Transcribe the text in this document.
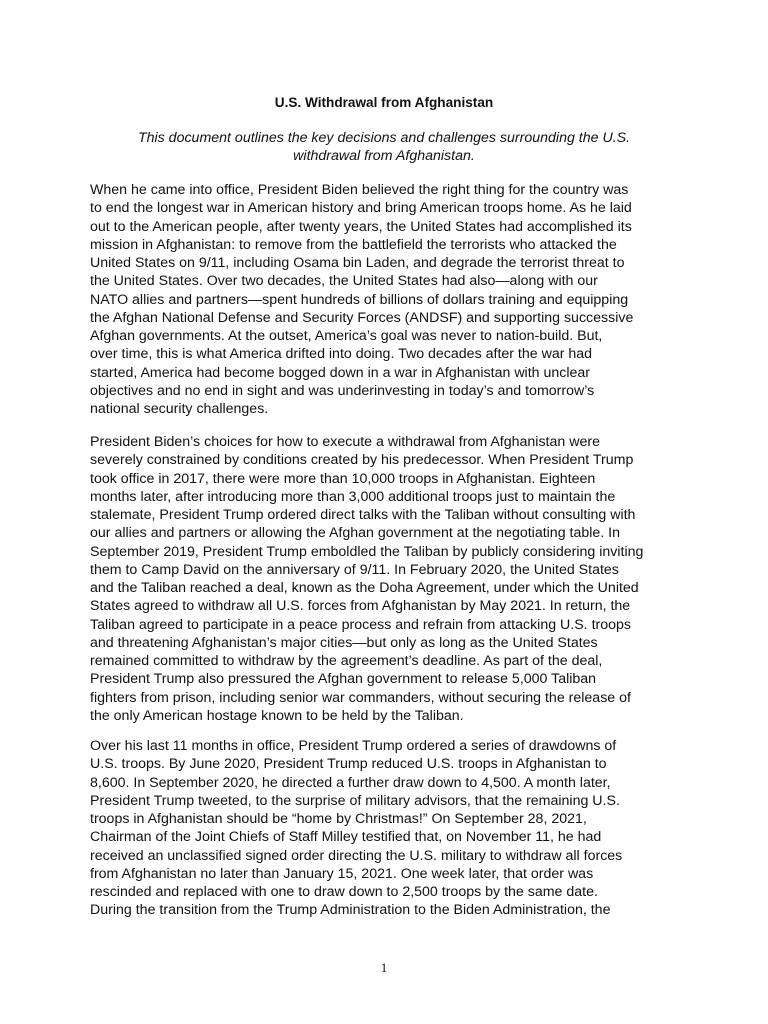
U.S. Withdrawal from Afghanistan

This document outlines the key decisions and challenges surrounding the U.S.
withdrawal from Afghanistan.

When he came into office, President Biden believed the right thing for the country was
to end the longest war in American history and bring American troops home. As he laid
out to the American people, after twenty years, the United States had accomplished its
mission in Afghanistan: to remove from the battlefield the terrorists who attacked the
United States on 9/11, including Osama bin Laden, and degrade the terrorist threat to
the United States. Over two decades, the United States had also—along with our
NATO allies and partners—spent hundreds of billions of dollars training and equipping
the Afghan National Defense and Security Forces (ANDSF) and supporting successive
Afghan governments. At the outset, America’s goal was never to nation-build. But,
over time, this is what America drifted into doing. Two decades after the war had
started, America had become bogged down in a war in Afghanistan with unclear
objectives and no end in sight and was underinvesting in today’s and tomorrow’s
national security challenges.
President Biden’s choices for how to execute a withdrawal from Afghanistan were
severely constrained by conditions created by his predecessor. When President Trump
took office in 2017, there were more than 10,000 troops in Afghanistan. Eighteen
months later, after introducing more than 3,000 additional troops just to maintain the
stalemate, President Trump ordered direct talks with the Taliban without consulting with
our allies and partners or allowing the Afghan government at the negotiating table. In
September 2019, President Trump emboldled the Taliban by publicly considering inviting
them to Camp David on the anniversary of 9/11. In February 2020, the United States
and the Taliban reached a deal, known as the Doha Agreement, under which the United
States agreed to withdraw all U.S. forces from Afghanistan by May 2021. In return, the
Taliban agreed to participate in a peace process and refrain from attacking U.S. troops
and threatening Afghanistan’s major cities—but only as long as the United States
remained committed to withdraw by the agreement’s deadline. As part of the deal,
President Trump also pressured the Afghan government to release 5,000 Taliban
fighters from prison, including senior war commanders, without securing the release of
the only American hostage known to be held by the Taliban.
Over his last 11 months in office, President Trump ordered a series of drawdowns of
U.S. troops. By June 2020, President Trump reduced U.S. troops in Afghanistan to
8,600. In September 2020, he directed a further draw down to 4,500. A month later,
President Trump tweeted, to the surprise of military advisors, that the remaining U.S.
troops in Afghanistan should be “home by Christmas!” On September 28, 2021,
Chairman of the Joint Chiefs of Staff Milley testified that, on November 11, he had
received an unclassified signed order directing the U.S. military to withdraw all forces
from Afghanistan no later than January 15, 2021. One week later, that order was
rescinded and replaced with one to draw down to 2,500 troops by the same date.
During the transition from the Trump Administration to the Biden Administration, the
1
